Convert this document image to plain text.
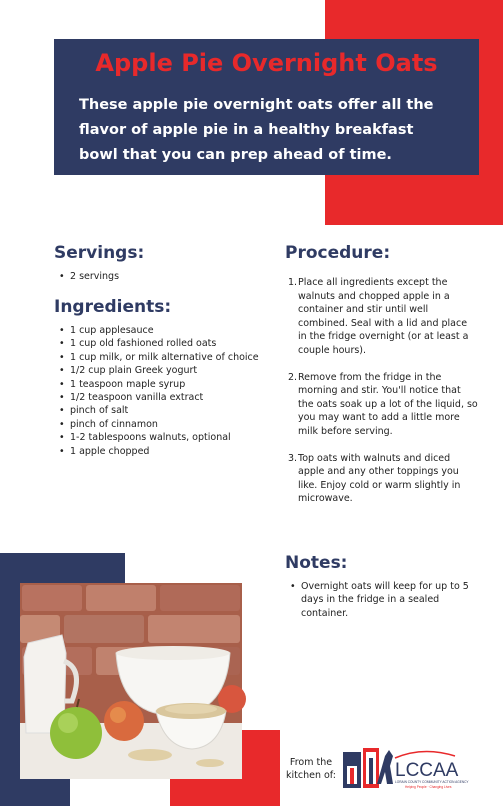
Apple Pie Overnight Oats
These apple pie overnight oats offer all the flavor of apple pie in a healthy breakfast bowl that you can prep ahead of time.
Servings:
• 2 servings
Ingredients:
• 1 cup applesauce
• 1 cup old fashioned rolled oats
• 1 cup milk, or milk alternative of choice
• 1/2 cup plain Greek yogurt
• 1 teaspoon maple syrup
• 1/2 teaspoon vanilla extract
• pinch of salt
• pinch of cinnamon
• 1-2 tablespoons walnuts, optional
• 1 apple chopped
Procedure:
1. Place all ingredients except the walnuts and chopped apple in a container and stir until well combined. Seal with a lid and place in the fridge overnight (or at least a couple hours).
2. Remove from the fridge in the morning and stir. You'll notice that the oats soak up a lot of the liquid, so you may want to add a little more milk before serving.
3. Top oats with walnuts and diced apple and any other toppings you like. Enjoy cold or warm slightly in microwave.
Notes:
• Overnight oats will keep for up to 5 days in the fridge in a sealed container.
From the
kitchen of:	LCCAA
LORAIN COUNTY COMMUNITY ACTION AGENCY
Helping People · Changing Lives
